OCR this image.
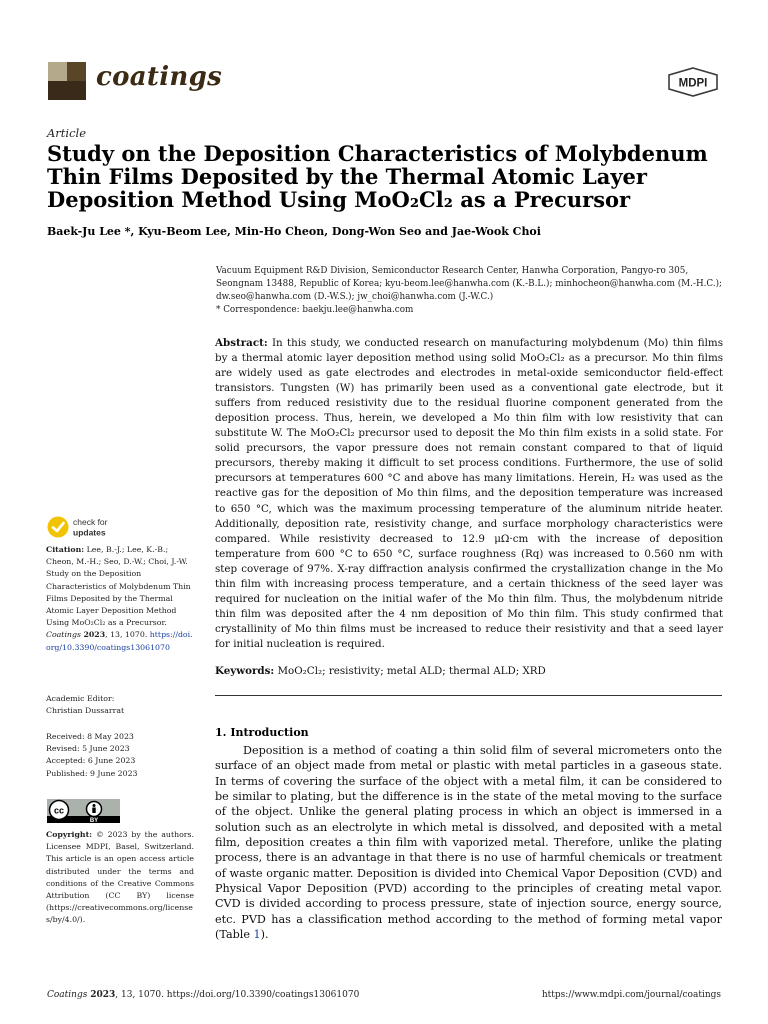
coatings	MDPI
Article
Study on the Deposition Characteristics of Molybdenum Thin Films Deposited by the Thermal Atomic Layer Deposition Method Using MoO₂Cl₂ as a Precursor
Baek-Ju Lee *, Kyu-Beom Lee, Min-Ho Cheon, Dong-Won Seo and Jae-Wook Choi
Vacuum Equipment R&D Division, Semiconductor Research Center, Hanwha Corporation, Pangyo-ro 305, Seongnam 13488, Republic of Korea; kyu-beom.lee@hanwha.com (K.-B.L.); minhocheon@hanwha.com (M.-H.C.); dw.seo@hanwha.com (D.-W.S.); jw_choi@hanwha.com (J.-W.C.)
* Correspondence: baekju.lee@hanwha.com
Abstract: In this study, we conducted research on manufacturing molybdenum (Mo) thin films by a thermal atomic layer deposition method using solid MoO₂Cl₂ as a precursor. Mo thin films are widely used as gate electrodes and electrodes in metal-oxide semiconductor field-effect transistors. Tungsten (W) has primarily been used as a conventional gate electrode, but it suffers from reduced resistivity due to the residual fluorine component generated from the deposition process. Thus, herein, we developed a Mo thin film with low resistivity that can substitute W. The MoO₂Cl₂ precursor used to deposit the Mo thin film exists in a solid state. For solid precursors, the vapor pressure does not remain constant compared to that of liquid precursors, thereby making it difficult to set process conditions. Furthermore, the use of solid precursors at temperatures 600 °C and above has many limitations. Herein, H₂ was used as the reactive gas for the deposition of Mo thin films, and the deposition temperature was increased to 650 °C, which was the maximum processing temperature of the aluminum nitride heater. Additionally, deposition rate, resistivity change, and surface morphology characteristics were compared. While resistivity decreased to 12.9 μΩ·cm with the increase of deposition temperature from 600 °C to 650 °C, surface roughness (Rq) was increased to 0.560 nm with step coverage of 97%. X-ray diffraction analysis confirmed the crystallization change in the Mo thin film with increasing process temperature, and a certain thickness of the seed layer was required for nucleation on the initial wafer of the Mo thin film. Thus, the molybdenum nitride thin film was deposited after the 4 nm deposition of Mo thin film. This study confirmed that crystallinity of Mo thin films must be increased to reduce their resistivity and that a seed layer for initial nucleation is required.
Keywords: MoO₂Cl₂; resistivity; metal ALD; thermal ALD; XRD
check for
updates
Citation: Lee, B.-J.; Lee, K.-B.; Cheon, M.-H.; Seo, D.-W.; Choi, J.-W. Study on the Deposition Characteristics of Molybdenum Thin Films Deposited by the Thermal Atomic Layer Deposition Method Using MoO₂Cl₂ as a Precursor. Coatings 2023, 13, 1070. https://doi.org/10.3390/coatings13061070
Academic Editor:
Christian Dussarrat
Received: 8 May 2023
Revised: 5 June 2023
Accepted: 6 June 2023
Published: 9 June 2023
cc
BY
Copyright: © 2023 by the authors. Licensee MDPI, Basel, Switzerland. This article is an open access article distributed under the terms and conditions of the Creative Commons Attribution (CC BY) license (https://creativecommons.org/licenses/by/4.0/).
1. Introduction
Deposition is a method of coating a thin solid film of several micrometers onto the surface of an object made from metal or plastic with metal particles in a gaseous state. In terms of covering the surface of the object with a metal film, it can be considered to be similar to plating, but the difference is in the state of the metal moving to the surface of the object. Unlike the general plating process in which an object is immersed in a solution such as an electrolyte in which metal is dissolved, and deposited with a metal film, deposition creates a thin film with vaporized metal. Therefore, unlike the plating process, there is an advantage in that there is no use of harmful chemicals or treatment of waste organic matter. Deposition is divided into Chemical Vapor Deposition (CVD) and Physical Vapor Deposition (PVD) according to the principles of creating metal vapor. CVD is divided according to process pressure, state of injection source, energy source, etc. PVD has a classification method according to the method of forming metal vapor (Table 1).
Coatings 2023, 13, 1070. https://doi.org/10.3390/coatings13061070	https://www.mdpi.com/journal/coatings
